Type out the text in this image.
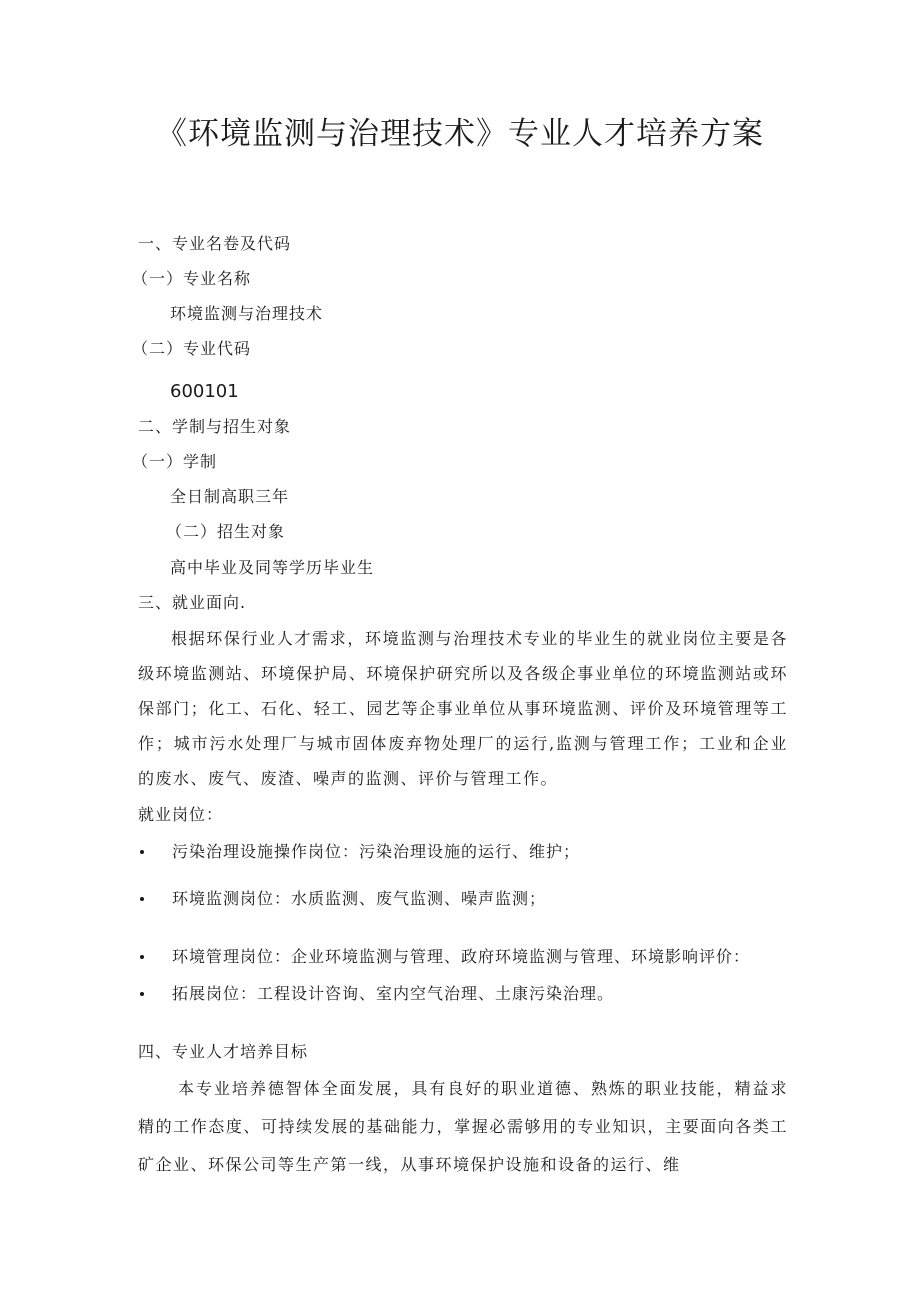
《环境监测与治理技术》专业人才培养方案
一、专业名卷及代码
（一）专业名称
环境监测与治理技术
（二）专业代码
600101
二、学制与招生对象
（一）学制
全日制高职三年
（二）招生对象
高中毕业及同等学历毕业生
三、就业面向.

根据环保行业人才需求，环境监测与治理技术专业的毕业生的就业岗位主要是各级环境监测站、环境保护局、环境保护研究所以及各级企事业单位的环境监测站或环保部门；化工、石化、轻工、园艺等企事业单位从事环境监测、评价及环境管理等工作；城市污水处理厂与城市固体废弃物处理厂的运行,监测与管理工作；工业和企业的废水、废气、废渣、噪声的监测、评价与管理工作。

就业岗位：
污染治理设施操作岗位：污染治理设施的运行、维护；
环境监测岗位：水质监测、废气监测、噪声监测；
环境管理岗位：企业环境监测与管理、政府环境监测与管理、环境影响评价：
拓展岗位：工程设计咨询、室内空气治理、土康污染治理。
四、专业人才培养目标

本专业培养德智体全面发展，具有良好的职业道德、熟炼的职业技能，精益求精的工作态度、可持续发展的基础能力，掌握必需够用的专业知识，主要面向各类工矿企业、环保公司等生产第一线，从事环境保护设施和设备的运行、维
